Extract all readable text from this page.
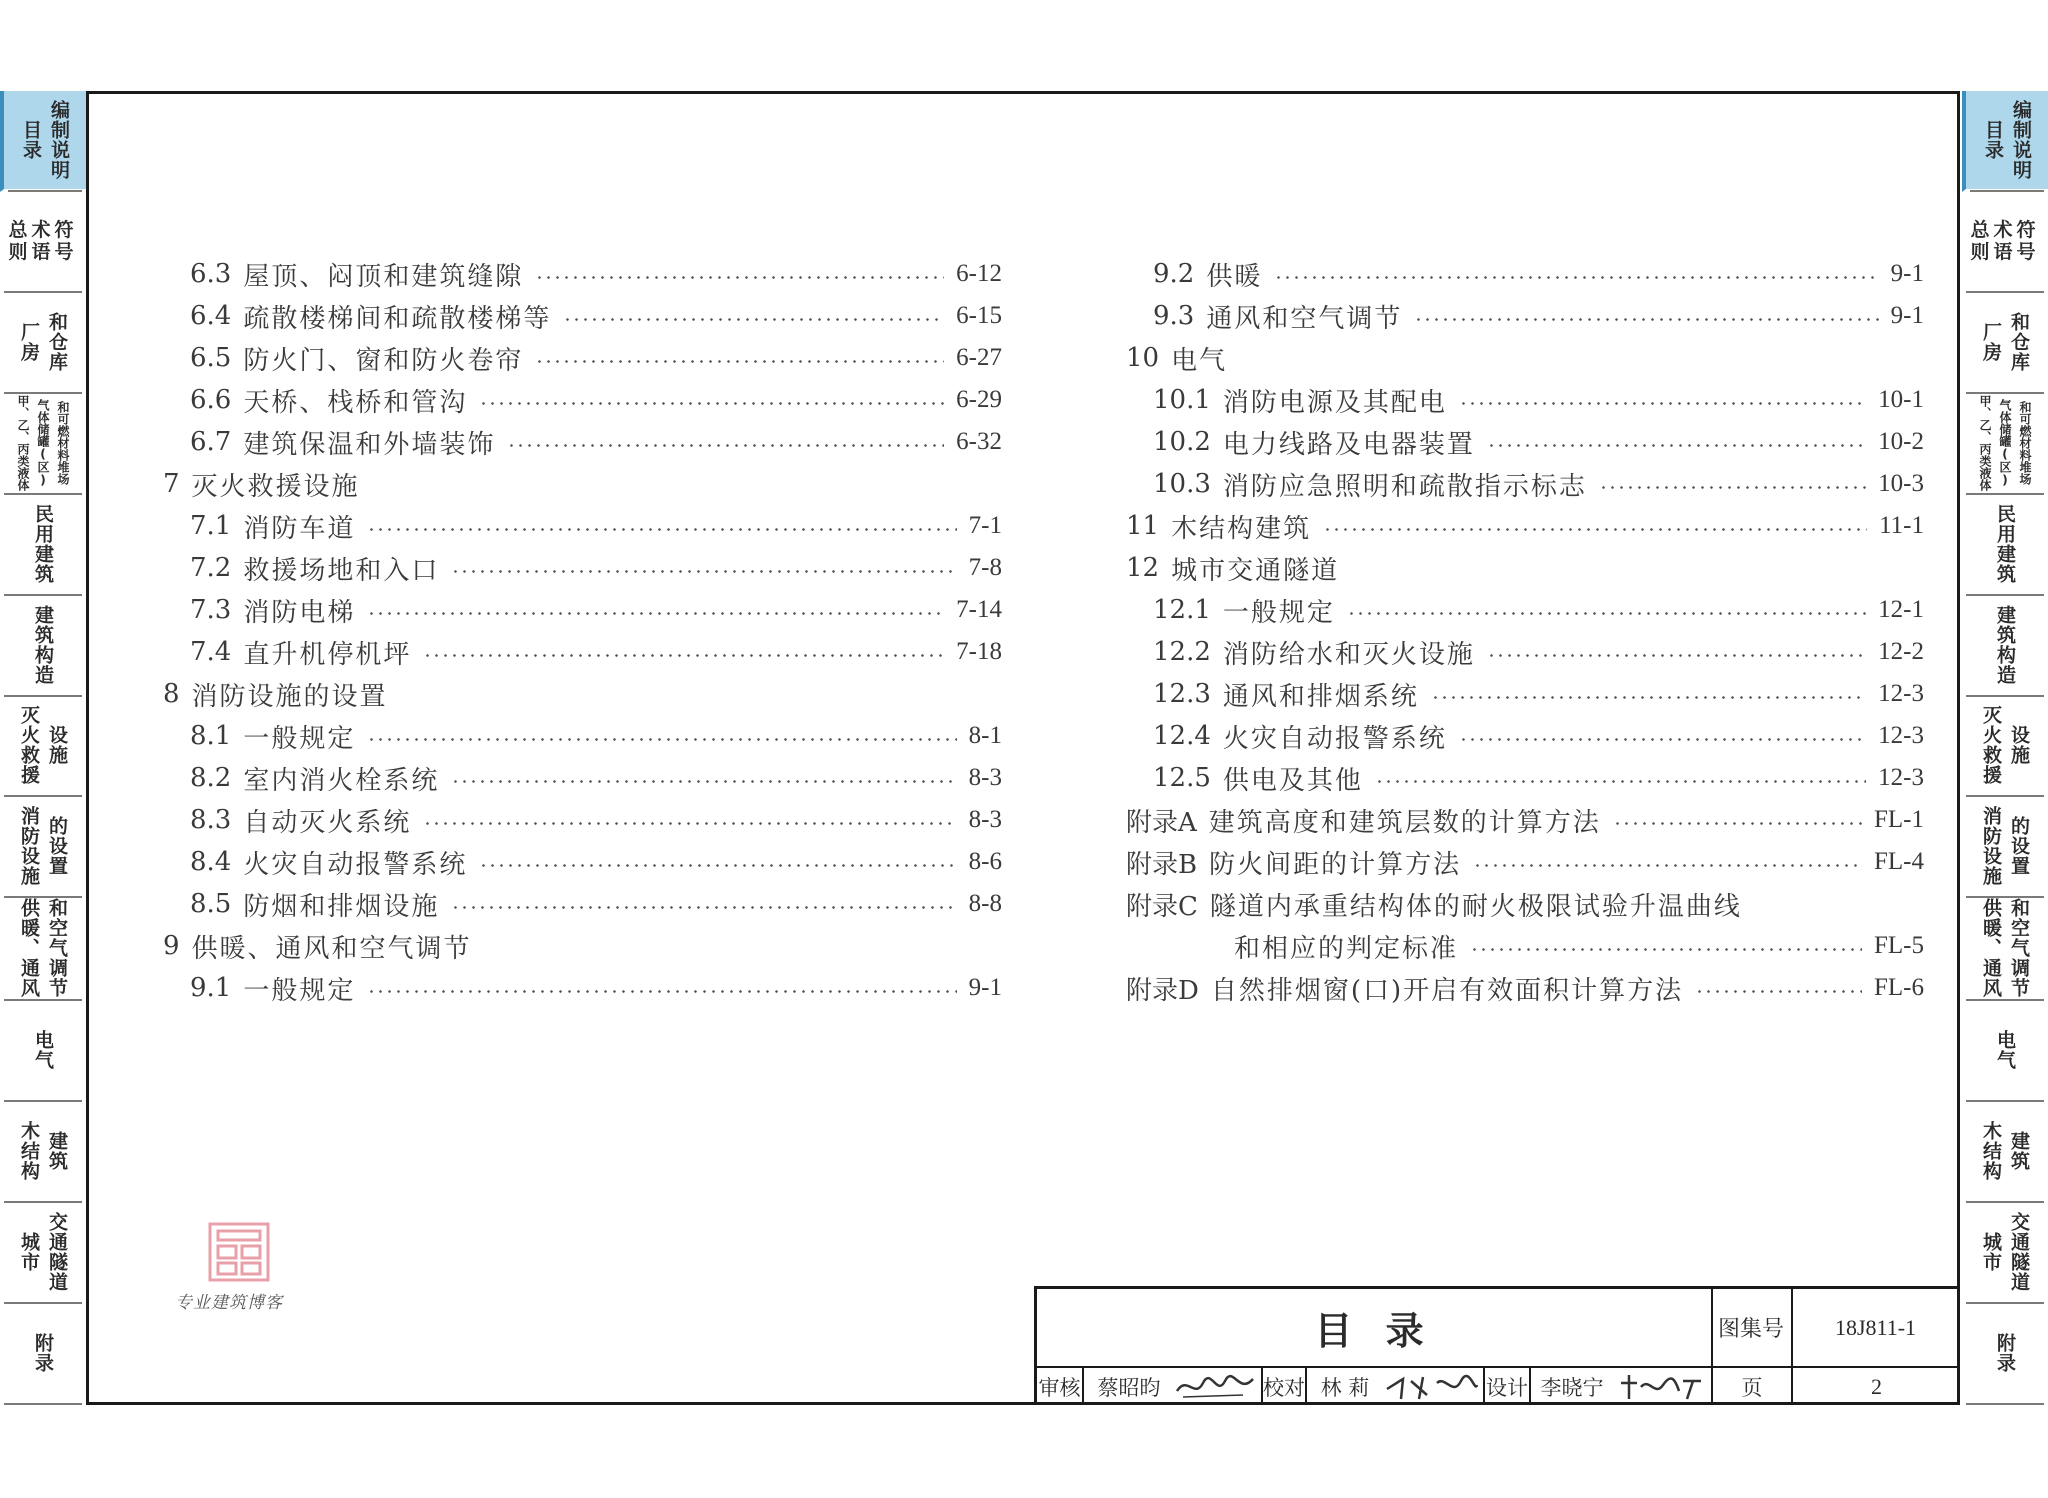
目录 编制说明
总术符
则语号
厂房 和仓库
甲、乙、丙类液体 气体储罐(区) 和可燃材料堆场
民用建筑
建筑构造
灭火救援 设施
消防设施 的设置
供暖、通风 和空气调节
电气
木结构 建筑
城市 交通隧道
附录
目录 编制说明
总术符
则语号
厂房 和仓库
甲、乙、丙类液体 气体储罐(区) 和可燃材料堆场
民用建筑
建筑构造
灭火救援 设施
消防设施 的设置
供暖、通风 和空气调节
电气
木结构 建筑
城市 交通隧道
附录
6.3 屋顶、闷顶和建筑缝隙	6-12
6.4 疏散楼梯间和疏散楼梯等	6-15
6.5 防火门、窗和防火卷帘	6-27
6.6 天桥、栈桥和管沟	6-29
6.7 建筑保温和外墙装饰	6-32
7 灭火救援设施
7.1 消防车道	7-1
7.2 救援场地和入口	7-8
7.3 消防电梯	7-14
7.4 直升机停机坪	7-18
8 消防设施的设置
8.1 一般规定	8-1
8.2 室内消火栓系统	8-3
8.3 自动灭火系统	8-3
8.4 火灾自动报警系统	8-6
8.5 防烟和排烟设施	8-8
9 供暖、通风和空气调节
9.1 一般规定	9-1
9.2 供暖	9-1
9.3 通风和空气调节	9-1
10 电气
10.1 消防电源及其配电	10-1
10.2 电力线路及电器装置	10-2
10.3 消防应急照明和疏散指示标志	10-3
11 木结构建筑	11-1
12 城市交通隧道
12.1 一般规定	12-1
12.2 消防给水和灭火设施	12-2
12.3 通风和排烟系统	12-3
12.4 火灾自动报警系统	12-3
12.5 供电及其他	12-3
附录A 建筑高度和建筑层数的计算方法	FL-1
附录B 防火间距的计算方法	FL-4
附录C 隧道内承重结构体的耐火极限试验升温曲线
和相应的判定标准	FL-5
附录D 自然排烟窗(口)开启有效面积计算方法	FL-6
专业建筑博客
目 录	图集号	18J811-1
审核 蔡昭昀	校对 林 莉	设计 李晓宁	页	2
